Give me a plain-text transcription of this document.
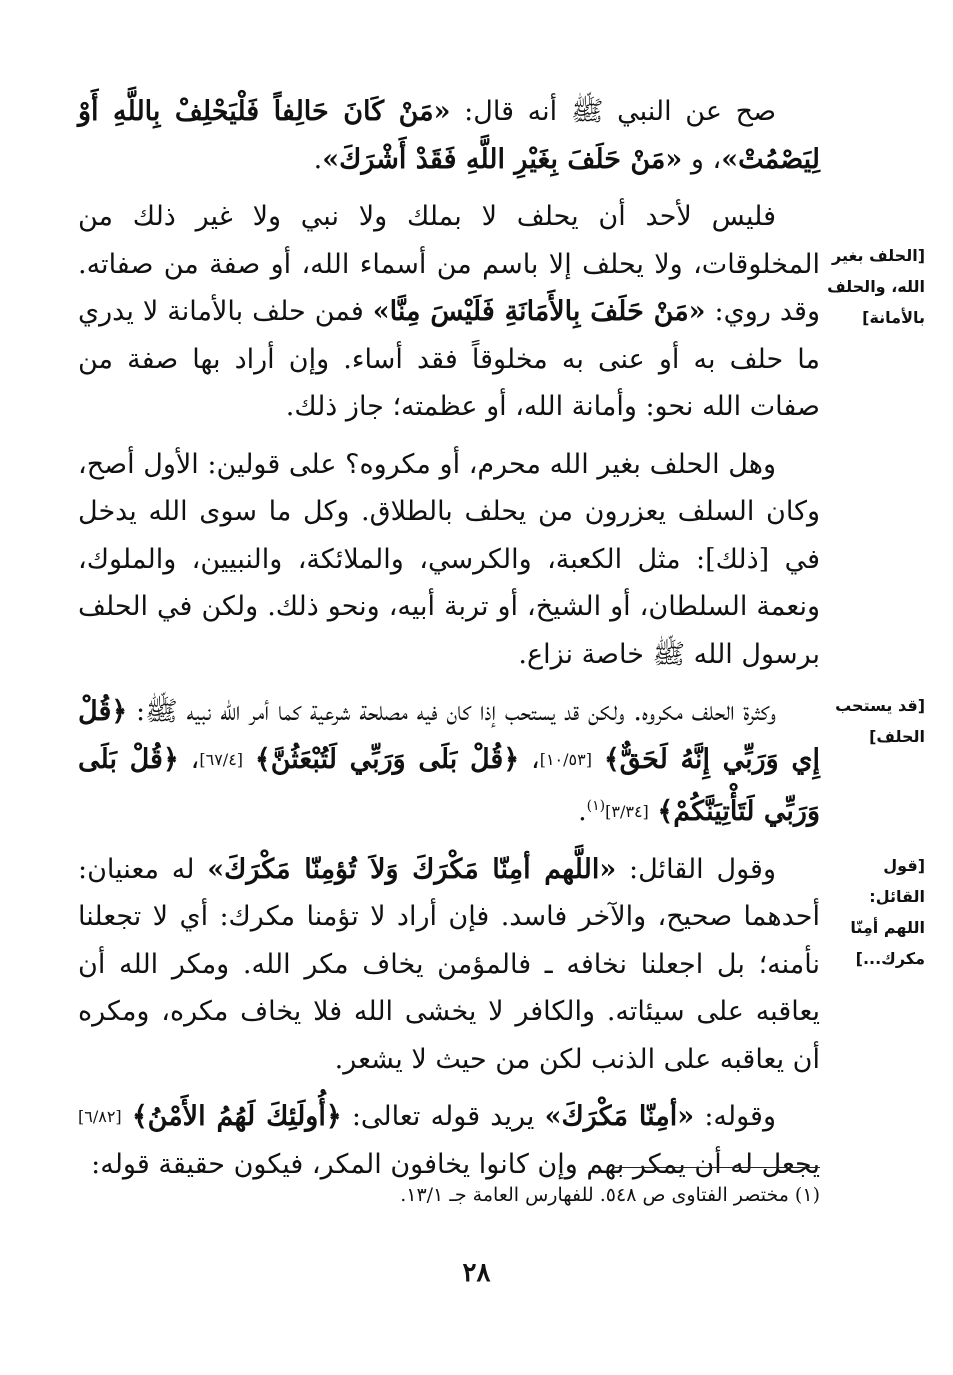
صح عن النبي ﷺ أنه قال: «مَنْ كَانَ حَالِفاً فَلْيَحْلِفْ بِاللَّهِ أَوْ لِيَصْمُتْ»، و «مَنْ حَلَفَ بِغَيْرِ اللَّهِ فَقَدْ أَشْرَكَ».

فليس لأحد أن يحلف لا بملك ولا نبي ولا غير ذلك من المخلوقات، ولا يحلف إلا باسم من أسماء الله، أو صفة من صفاته. وقد روي: «مَنْ حَلَفَ بِالأَمَانَةِ فَلَيْسَ مِنَّا» فمن حلف بالأمانة لا يدري ما حلف به أو عنى به مخلوقاً فقد أساء. وإن أراد بها صفة من صفات الله نحو: وأمانة الله، أو عظمته؛ جاز ذلك.

وهل الحلف بغير الله محرم، أو مكروه؟ على قولين: الأول أصح، وكان السلف يعزرون من يحلف بالطلاق. وكل ما سوى الله يدخل في [ذلك]: مثل الكعبة، والكرسي، والملائكة، والنبيين، والملوك، ونعمة السلطان، أو الشيخ، أو تربة أبيه، ونحو ذلك. ولكن في الحلف برسول الله ﷺ خاصة نزاع.

وكثرة الحلف مكروه. ولكن قد يستحب إذا كان فيه مصلحة شرعية كما أمر الله نبيه ﷺ: ﴿قُلْ إِي وَرَبِّي إِنَّهُ لَحَقٌّ﴾ [١٠/٥٣]، ﴿قُلْ بَلَى وَرَبِّي لَتُبْعَثُنَّ﴾ [٦٧/٤]، ﴿قُلْ بَلَى وَرَبِّي لَتَأْتِيَنَّكُمْ﴾ [٣/٣٤]$^{(١)}$.

وقول القائل: «اللَّهم أمِنّا مَكْرَكَ وَلاَ تُؤمِنّا مَكْرَكَ» له معنيان: أحدهما صحيح، والآخر فاسد. فإن أراد لا تؤمنا مكرك: أي لا تجعلنا نأمنه؛ بل اجعلنا نخافه ـ فالمؤمن يخاف مكر الله. ومكر الله أن يعاقبه على سيئاته. والكافر لا يخشى الله فلا يخاف مكره، ومكره أن يعاقبه على الذنب لكن من حيث لا يشعر.

وقوله: «أمِنّا مَكْرَكَ» يريد قوله تعالى: ﴿أُولَئِكَ لَهُمُ الأَمْنُ﴾ [٦/٨٢] يجعل له أن يمكر بهم وإن كانوا يخافون المكر، فيكون حقيقة قوله:

[الحلف بغير الله، والحلف بالأمانة]
[قد يستحب الحلف]
[قول القائل: اللهم أمِنّا مكرك...]
(١) مختصر الفتاوى ص ٥٤٨. للفهارس العامة جـ ١٣/١.
٢٨
